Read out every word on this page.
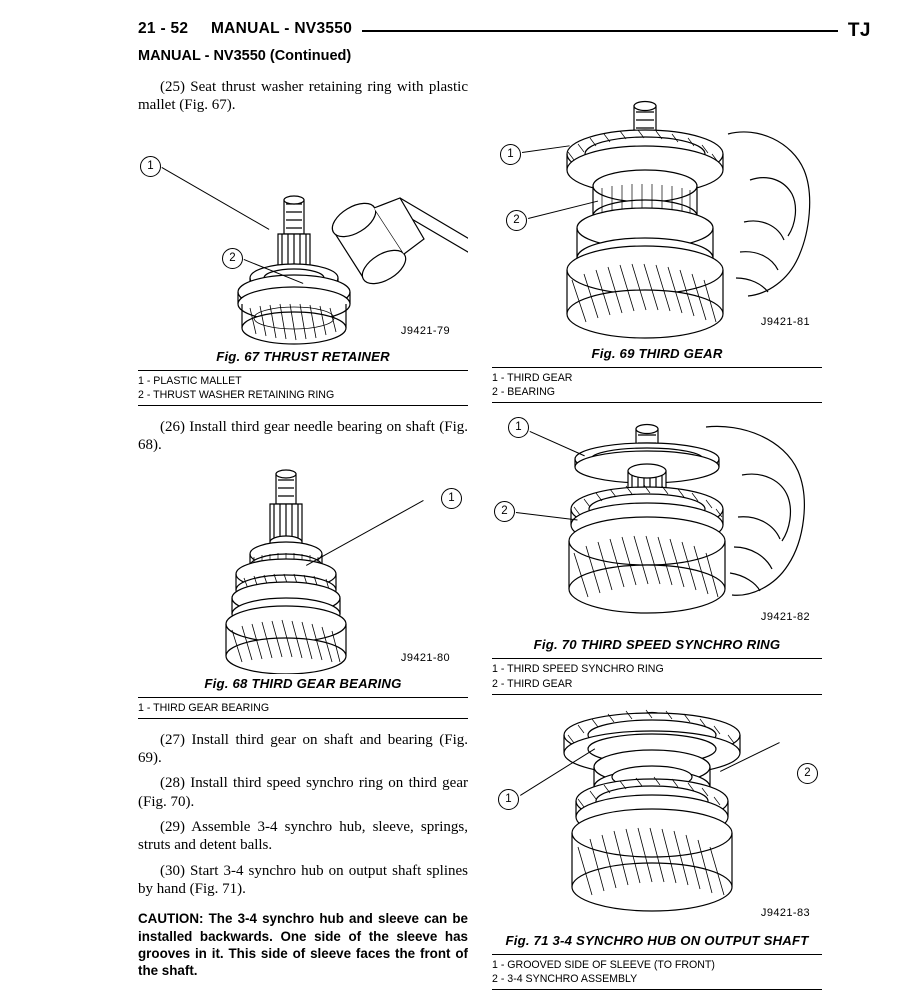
21 - 52 MANUAL - NV3550	TJ
MANUAL - NV3550 (Continued)

(25) Seat thrust washer retaining ring with plastic mallet (Fig. 67).

1
2
J9421-79
Fig. 67 THRUST RETAINER
1 - PLASTIC MALLET
2 - THRUST WASHER RETAINING RING

(26) Install third gear needle bearing on shaft (Fig. 68).

1
J9421-80
Fig. 68 THIRD GEAR BEARING
1 - THIRD GEAR BEARING

(27) Install third gear on shaft and bearing (Fig. 69).

(28) Install third speed synchro ring on third gear (Fig. 70).

(29) Assemble 3-4 synchro hub, sleeve, springs, struts and detent balls.

(30) Start 3-4 synchro hub on output shaft splines by hand (Fig. 71).

CAUTION: The 3-4 synchro hub and sleeve can be installed backwards. One side of the sleeve has grooves in it. This side of sleeve faces the front of the shaft.
1
2
J9421-81
Fig. 69 THIRD GEAR
1 - THIRD GEAR
2 - BEARING
1
2
J9421-82
Fig. 70 THIRD SPEED SYNCHRO RING
1 - THIRD SPEED SYNCHRO RING
2 - THIRD GEAR
1
2
J9421-83
Fig. 71 3-4 SYNCHRO HUB ON OUTPUT SHAFT
1 - GROOVED SIDE OF SLEEVE (TO FRONT)
2 - 3-4 SYNCHRO ASSEMBLY
